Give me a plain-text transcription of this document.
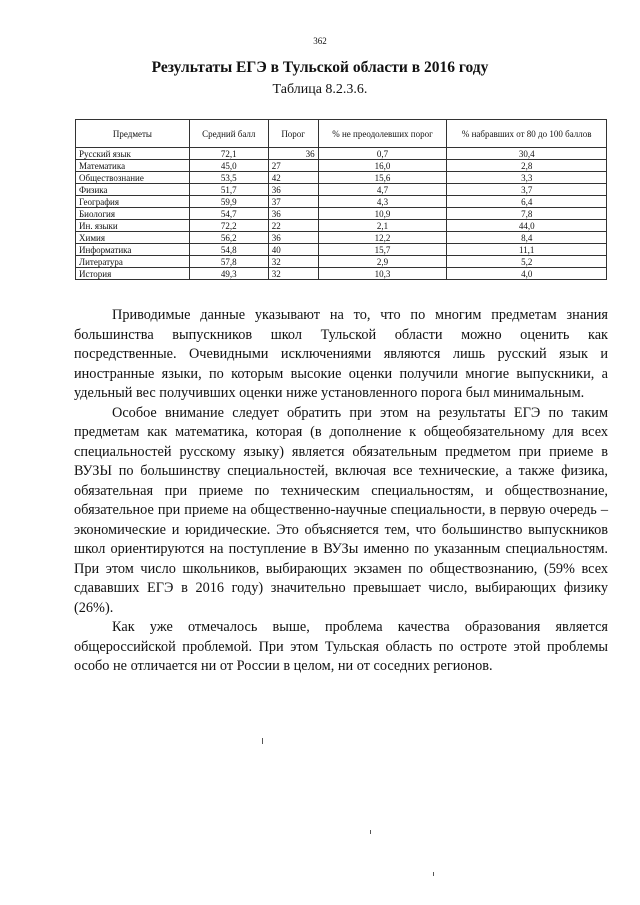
362
Результаты ЕГЭ в Тульской области в 2016 году
Таблица 8.2.3.6.
Предметы	Средний балл	Порог	% не преодолевших порог	% набравших от 80 до 100 баллов
Русский язык	72,1	36	0,7	30,4
Математика	45,0	27	16,0	2,8
Обществознание	53,5	42	15,6	3,3
Физика	51,7	36	4,7	3,7
География	59,9	37	4,3	6,4
Биология	54,7	36	10,9	7,8
Ин. языки	72,2	22	2,1	44,0
Химия	56,2	36	12,2	8,4
Информатика	54,8	40	15,7	11,1
Литература	57,8	32	2,9	5,2
История	49,3	32	10,3	4,0

Приводимые данные указывают на то, что по многим предметам знания большинства выпускников школ Тульской области можно оценить как посредственные. Очевидными исключениями являются лишь русский язык и иностранные языки, по которым высокие оценки получили многие выпускники, а удельный вес получивших оценки ниже установленного порога был минимальным.

Особое внимание следует обратить при этом на результаты ЕГЭ по таким предметам как математика, которая (в дополнение к общеобязательному для всех специальностей русскому языку) является обязательным предметом при приеме в ВУЗЫ по большинству специальностей, включая все технические, а также физика, обязательная при приеме по техническим специальностям, и обществознание, обязательное при приеме на общественно-научные специальности, в первую очередь – экономические и юридические. Это объясняется тем, что большинство выпускников школ ориентируются на поступление в ВУЗы именно по указанным специальностям. При этом число школьников, выбирающих экзамен по обществознанию, (59% всех сдававших ЕГЭ в 2016 году) значительно превышает число, выбирающих физику (26%).

Как уже отмечалось выше, проблема качества образования является общероссийской проблемой. При этом Тульская область по остроте этой проблемы особо не отличается ни от России в целом, ни от соседних регионов.
